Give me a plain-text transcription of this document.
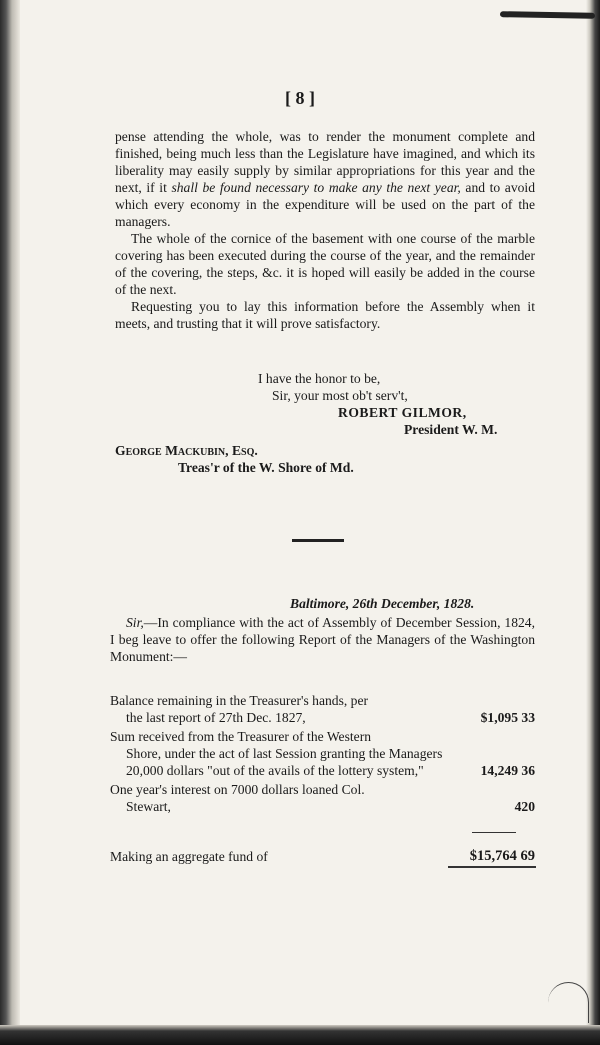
[ 8 ]

pense attending the whole, was to render the monument complete and finished, being much less than the Legislature have imagined, and which its liberality may easily supply by similar appropriations for this year and the next, if it shall be found necessary to make any the next year, and to avoid which every economy in the expenditure will be used on the part of the managers.

The whole of the cornice of the basement with one course of the marble covering has been executed during the course of the year, and the remainder of the covering, the steps, &c. it is hoped will easily be added in the course of the next.

Requesting you to lay this information before the Assembly when it meets, and trusting that it will prove satisfactory.

I have the honor to be,
Sir, your most ob't serv't,
ROBERT GILMOR,
President W. M.
George Mackubin, Esq.
Treas'r of the W. Shore of Md.
Baltimore, 26th December, 1828.

Sir,—In compliance with the act of Assembly of December Session, 1824, I beg leave to offer the following Report of the Managers of the Washington Monument:—

Balance remaining in the Treasurer's hands, per
the last report of 27th Dec. 1827,	$1,095 33
Sum received from the Treasurer of the Western
Shore, under the act of last Session granting the Managers 20,000 dollars "out of the avails of the lottery system,"	14,249 36
One year's interest on 7000 dollars loaned Col.
Stewart,	420
Making an aggregate fund of	$15,764 69
